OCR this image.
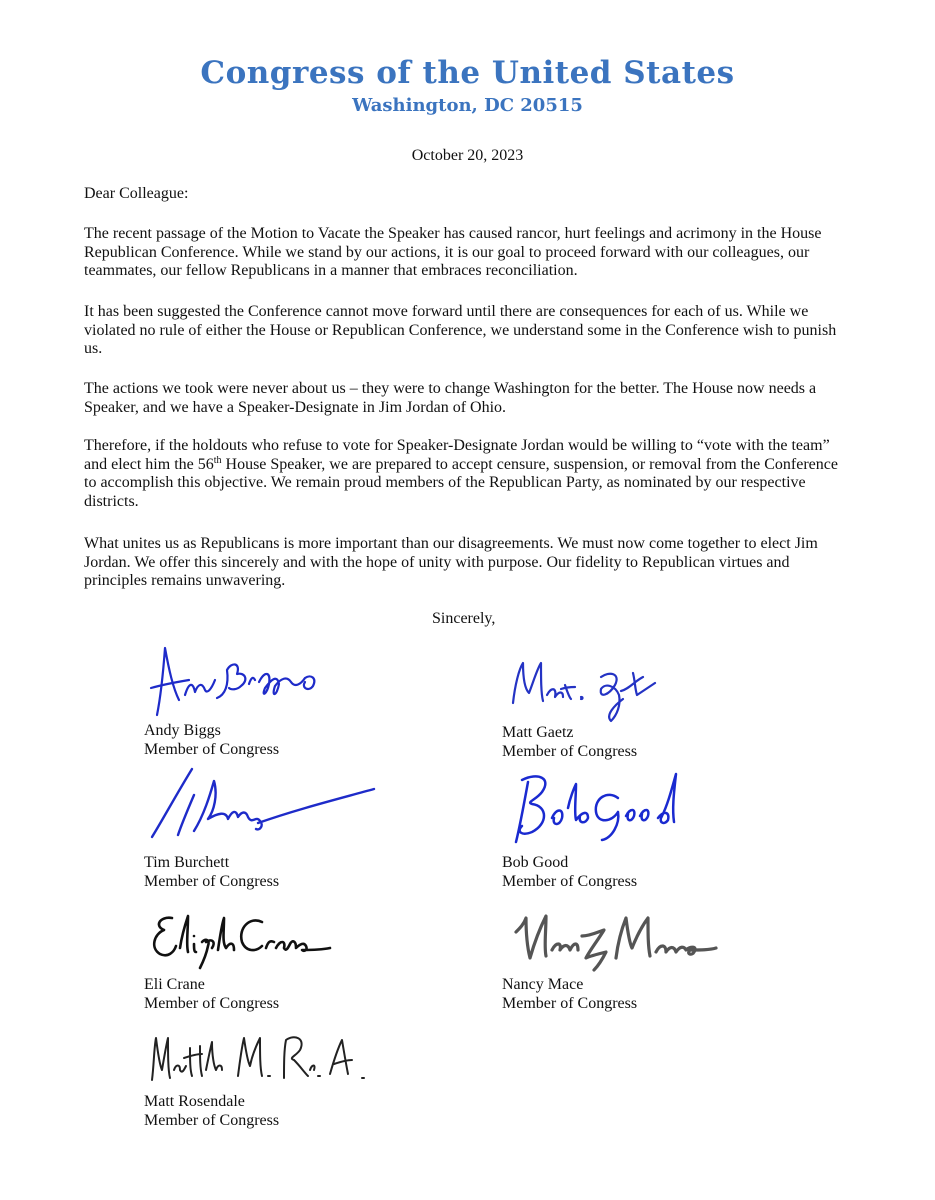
Congress of the United States
Washington, DC 20515
October 20, 2023

Dear Colleague:

The recent passage of the Motion to Vacate the Speaker has caused rancor, hurt feelings and acrimony in the House Republican Conference. While we stand by our actions, it is our goal to proceed forward with our colleagues, our teammates, our fellow Republicans in a manner that embraces reconciliation.

It has been suggested the Conference cannot move forward until there are consequences for each of us. While we violated no rule of either the House or Republican Conference, we understand some in the Conference wish to punish us.

The actions we took were never about us – they were to change Washington for the better. The House now needs a Speaker, and we have a Speaker-Designate in Jim Jordan of Ohio.

Therefore, if the holdouts who refuse to vote for Speaker-Designate Jordan would be willing to “vote with the team” and elect him the 56th House Speaker, we are prepared to accept censure, suspension, or removal from the Conference to accomplish this objective. We remain proud members of the Republican Party, as nominated by our respective districts.

What unites us as Republicans is more important than our disagreements. We must now come together to elect Jim Jordan. We offer this sincerely and with the hope of unity with purpose. Our fidelity to Republican virtues and principles remains unwavering.

Sincerely,
Andy Biggs
Member of Congress
Matt Gaetz
Member of Congress
Tim Burchett
Member of Congress
Bob Good
Member of Congress
Eli Crane
Member of Congress
Nancy Mace
Member of Congress
Matt Rosendale
Member of Congress
